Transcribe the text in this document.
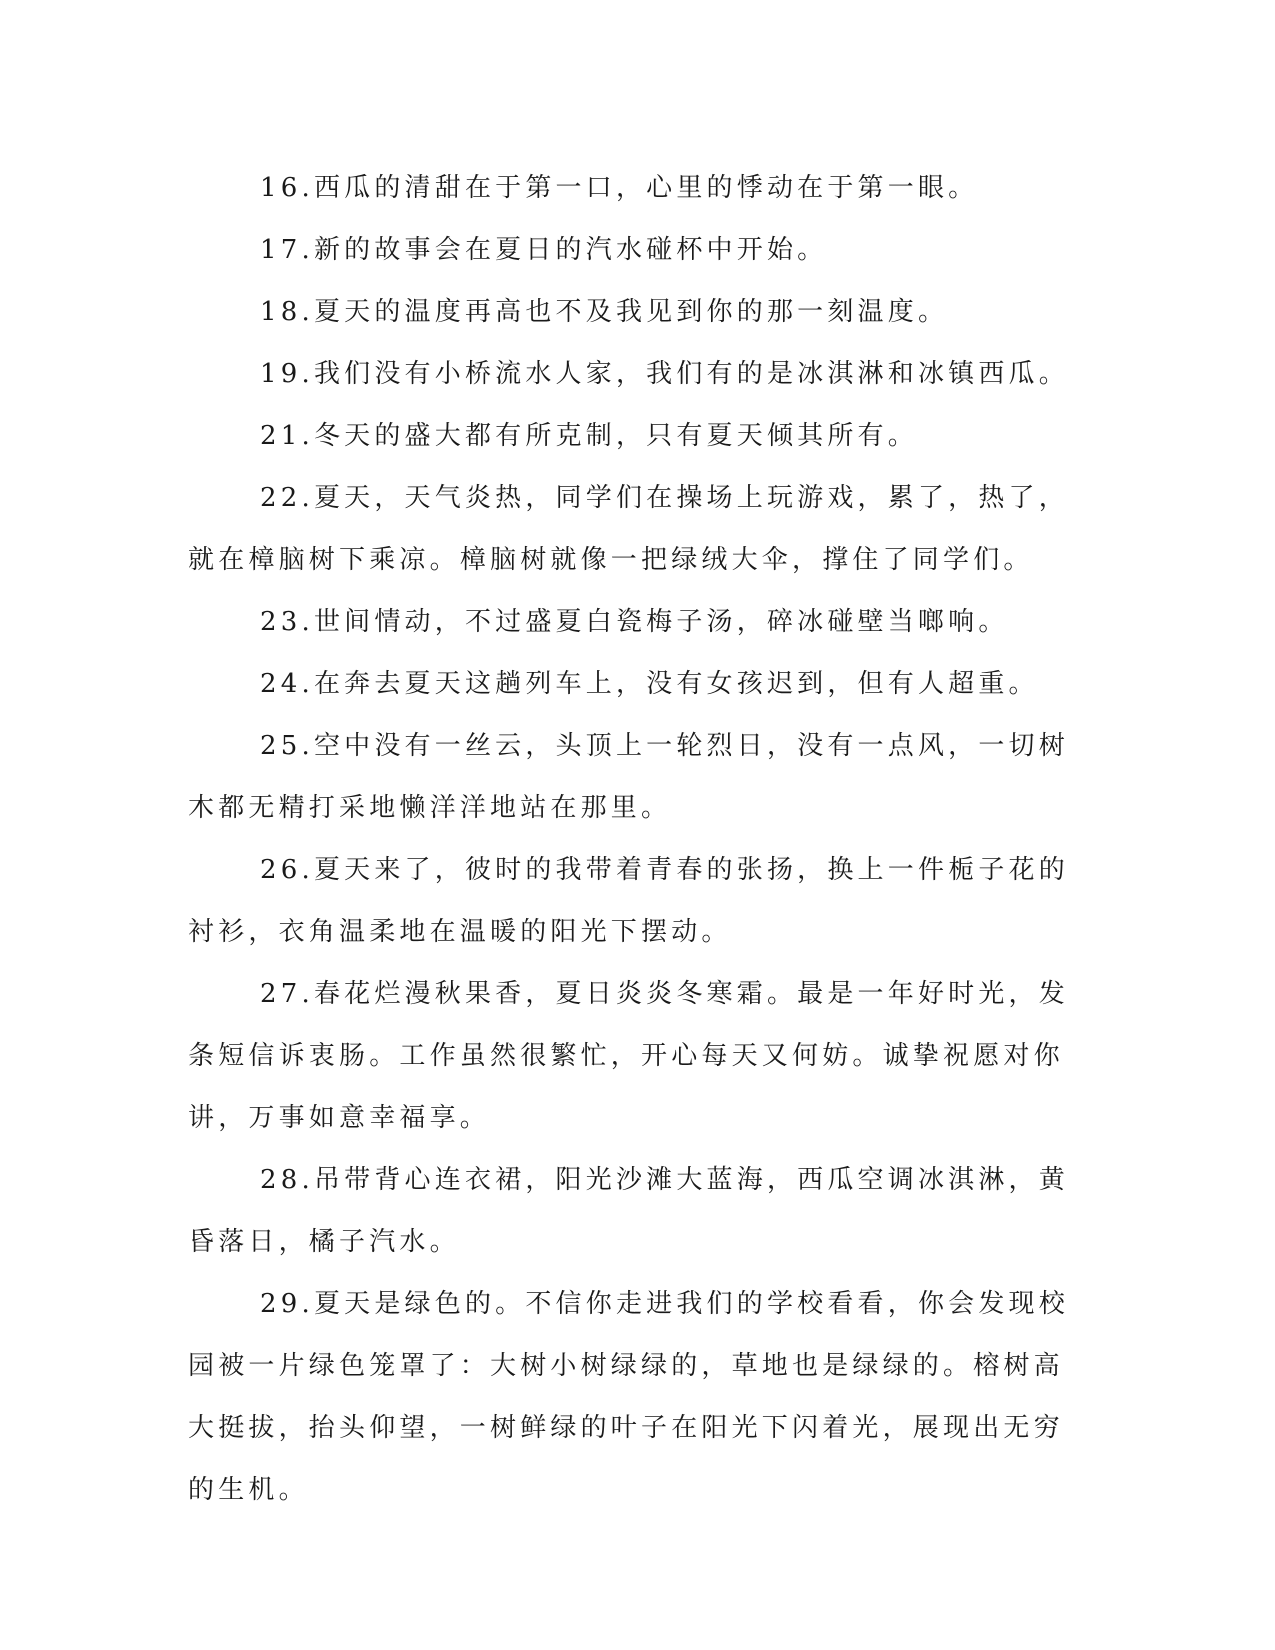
16.西瓜的清甜在于第一口，心里的悸动在于第一眼。

17.新的故事会在夏日的汽水碰杯中开始。

18.夏天的温度再高也不及我见到你的那一刻温度。

19.我们没有小桥流水人家，我们有的是冰淇淋和冰镇西瓜。

21.冬天的盛大都有所克制，只有夏天倾其所有。

22.夏天，天气炎热，同学们在操场上玩游戏，累了，热了，就在樟脑树下乘凉。樟脑树就像一把绿绒大伞，撑住了同学们。

23.世间情动，不过盛夏白瓷梅子汤，碎冰碰壁当啷响。

24.在奔去夏天这趟列车上，没有女孩迟到，但有人超重。

25.空中没有一丝云，头顶上一轮烈日，没有一点风，一切树木都无精打采地懒洋洋地站在那里。

26.夏天来了，彼时的我带着青春的张扬，换上一件栀子花的衬衫，衣角温柔地在温暖的阳光下摆动。

27.春花烂漫秋果香，夏日炎炎冬寒霜。最是一年好时光，发条短信诉衷肠。工作虽然很繁忙，开心每天又何妨。诚挚祝愿对你讲，万事如意幸福享。

28.吊带背心连衣裙，阳光沙滩大蓝海，西瓜空调冰淇淋，黄昏落日，橘子汽水。

29.夏天是绿色的。不信你走进我们的学校看看，你会发现校园被一片绿色笼罩了：大树小树绿绿的，草地也是绿绿的。榕树高大挺拔，抬头仰望，一树鲜绿的叶子在阳光下闪着光，展现出无穷的生机。
